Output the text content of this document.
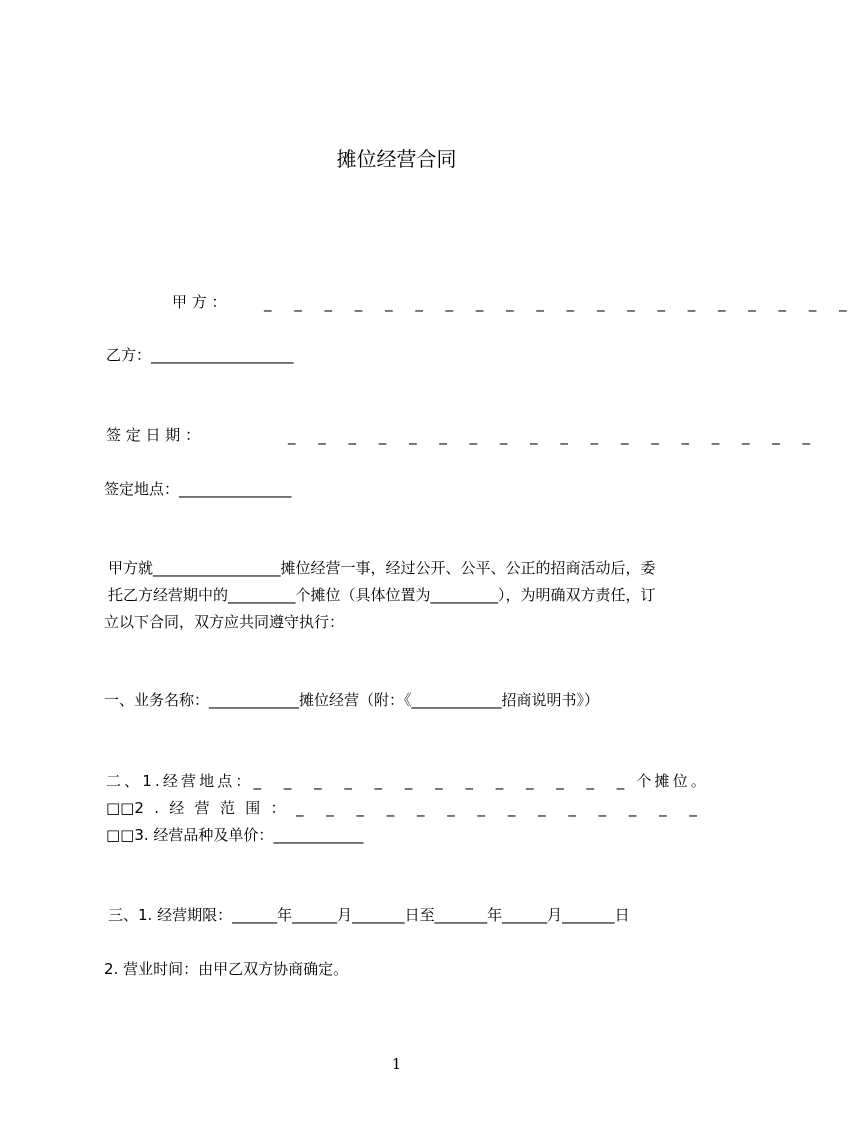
摊位经营合同
甲 方 ： _ _ _ _ _ _ _ _ _ _ _ _ _ _ _ _ _ _ _ _
乙方：___________________
签 定 日 期 ：	_ _ _ _ _ _ _ _ _ _ _ _ _ _ _ _ _ _
签定地点：_______________
甲方就_________________摊位经营一事，经过公开、公平、公正的招商活动后，委
托乙方经营期中的_________个摊位（具体位置为_________），为明确双方责任，订
立以下合同，双方应共同遵守执行：
一、业务名称：____________摊位经营（附：《____________招商说明书》）
二 、 1 . 经 营 地 点 ： _ _ _ _ _ _ _ _ _ _ _ _ _ 个 摊 位 。
□□2 . 经 营 范 围 ： _ _ _ _ _ _ _ _ _ _ _ _ _ _
□□3. 经营品种及单价：____________
三、1. 经营期限：______年______月_______日至_______年______月_______日
2. 营业时间：由甲乙双方协商确定。
1
